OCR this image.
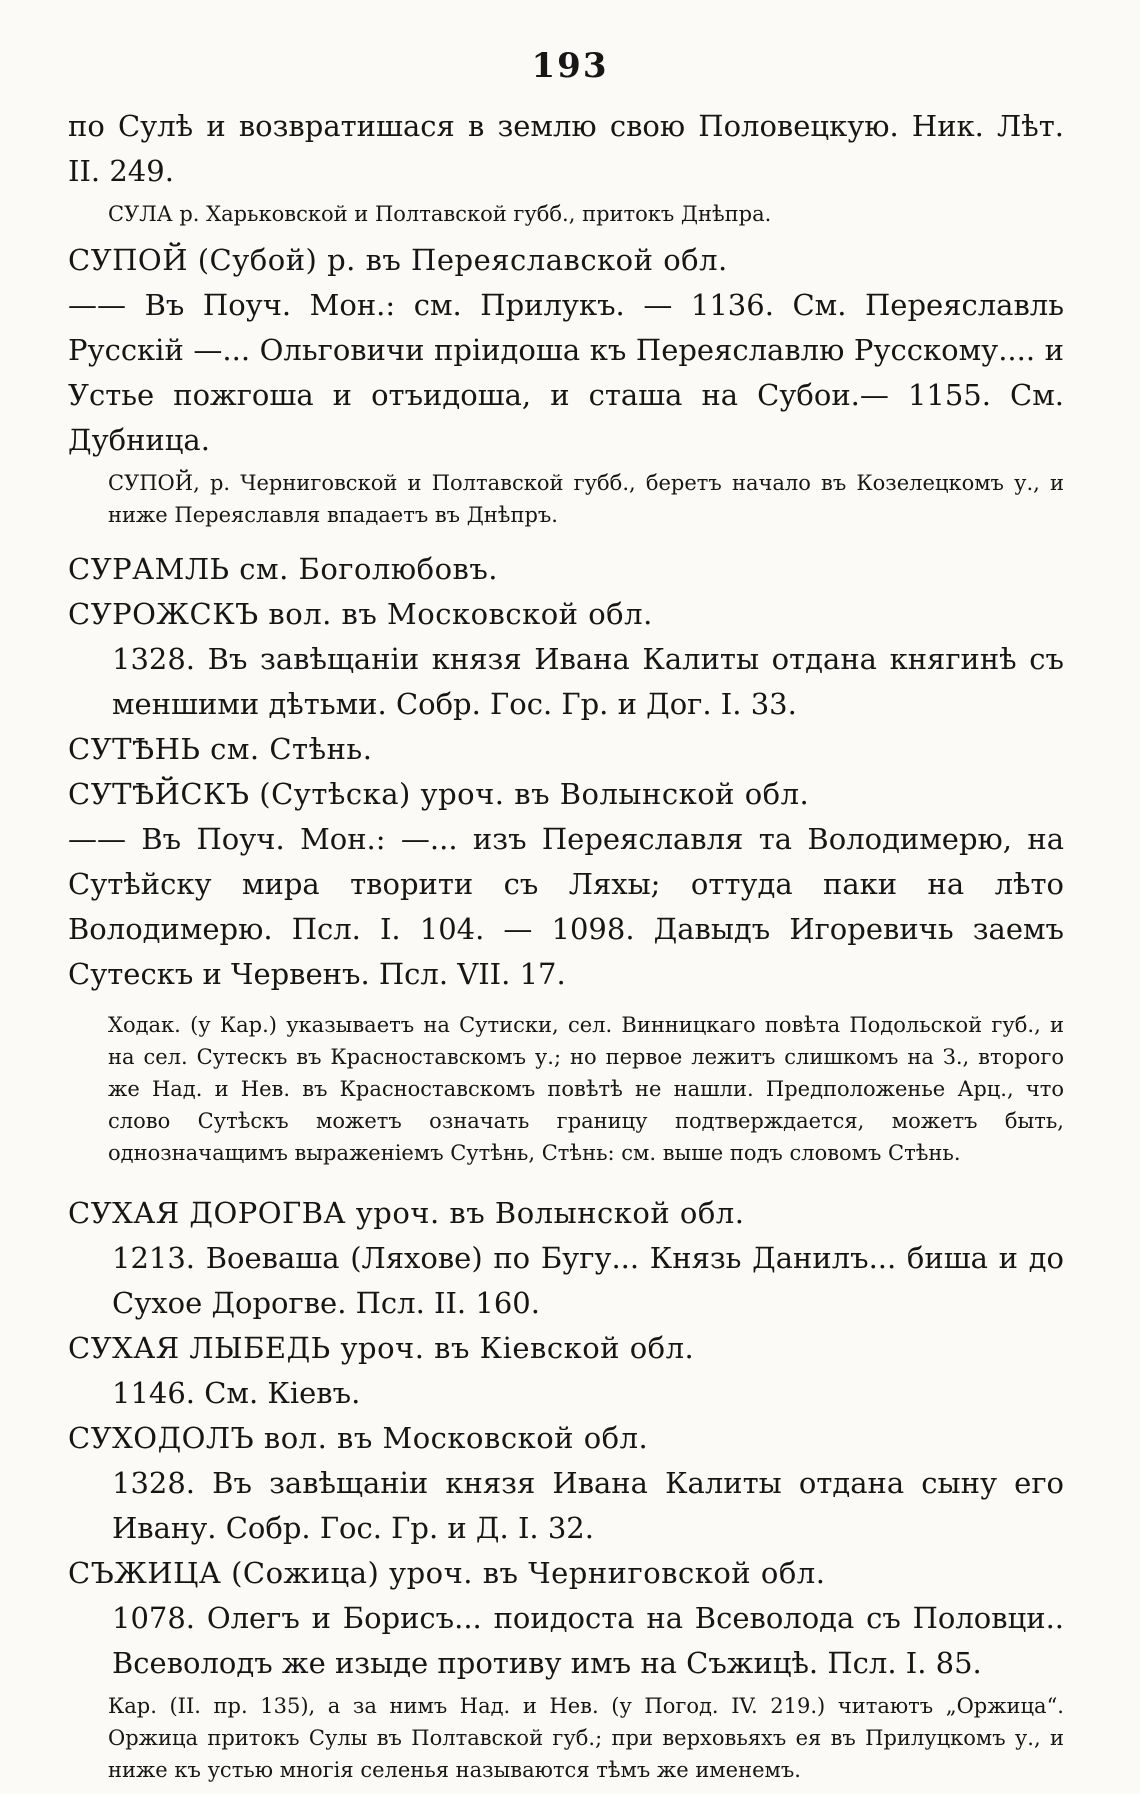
193

по Сулѣ и возвратишася в землю свою Половецкую. Ник. Лѣт. II. 249.

СУЛА р. Харьковской и Полтавской губб., притокъ Днѣпра.

СУПОЙ (Субой) р. въ Переяславской обл.

—— Въ Поуч. Мон.: см. Прилукъ. — 1136. См. Переяславль Русскій —... Ольговичи пріидоша къ Переяславлю Русскому.... и Устье пожгоша и отъидоша, и сташа на Субои.— 1155. См. Дубница.

СУПОЙ, р. Черниговской и Полтавской губб., беретъ начало въ Козелецкомъ у., и ниже Переяславля впадаетъ въ Днѣпръ.

СУРАМЛЬ см. Боголюбовъ.

СУРОЖСКЪ вол. въ Московской обл.

1328. Въ завѣщаніи князя Ивана Калиты отдана княгинѣ съ меншими дѣтьми. Собр. Гос. Гр. и Дог. I. 33.

СУТѢНЬ см. Стѣнь.

СУТѢЙСКЪ (Сутѣска) уроч. въ Волынской обл.

—— Въ Поуч. Мон.: —... изъ Переяславля та Володимерю, на Сутѣйску мира творити съ Ляхы; оттуда паки на лѣто Володимерю. Псл. I. 104. — 1098. Давыдъ Игоревичь заемъ Сутескъ и Червенъ. Псл. VII. 17.

Ходак. (у Кар.) указываетъ на Сутиски, сел. Винницкаго повѣта Подольской губ., и на сел. Сутескъ въ Красноставскомъ у.; но первое лежитъ слишкомъ на З., второго же Над. и Нев. въ Красноставскомъ повѣтѣ не нашли. Предположенье Арц., что слово Сутѣскъ можетъ означать границу подтверждается, можетъ быть, однозначащимъ выраженіемъ Сутѣнь, Стѣнь: см. выше подъ словомъ Стѣнь.

СУХАЯ ДОРОГВА уроч. въ Волынской обл.

1213. Воеваша (Ляхове) по Бугу... Князь Данилъ... биша и до Сухое Дорогве. Псл. II. 160.

СУХАЯ ЛЫБЕДЬ уроч. въ Кіевской обл.

1146. См. Кіевъ.

СУХОДОЛЪ вол. въ Московской обл.

1328. Въ завѣщаніи князя Ивана Калиты отдана сыну его Ивану. Собр. Гос. Гр. и Д. I. 32.

СЪЖИЦА (Сожица) уроч. въ Черниговской обл.

1078. Олегъ и Борисъ... поидоста на Всеволода съ Половци.. Всеволодъ же изыде противу имъ на Съжицѣ. Псл. I. 85.

Кар. (II. пр. 135), а за нимъ Над. и Нев. (у Погод. IV. 219.) читаютъ „Оржица“. Оржица притокъ Сулы въ Полтавской губ.; при верховьяхъ ея въ Прилуцкомъ у., и ниже къ устью многія селенья называются тѣмъ же именемъ.
